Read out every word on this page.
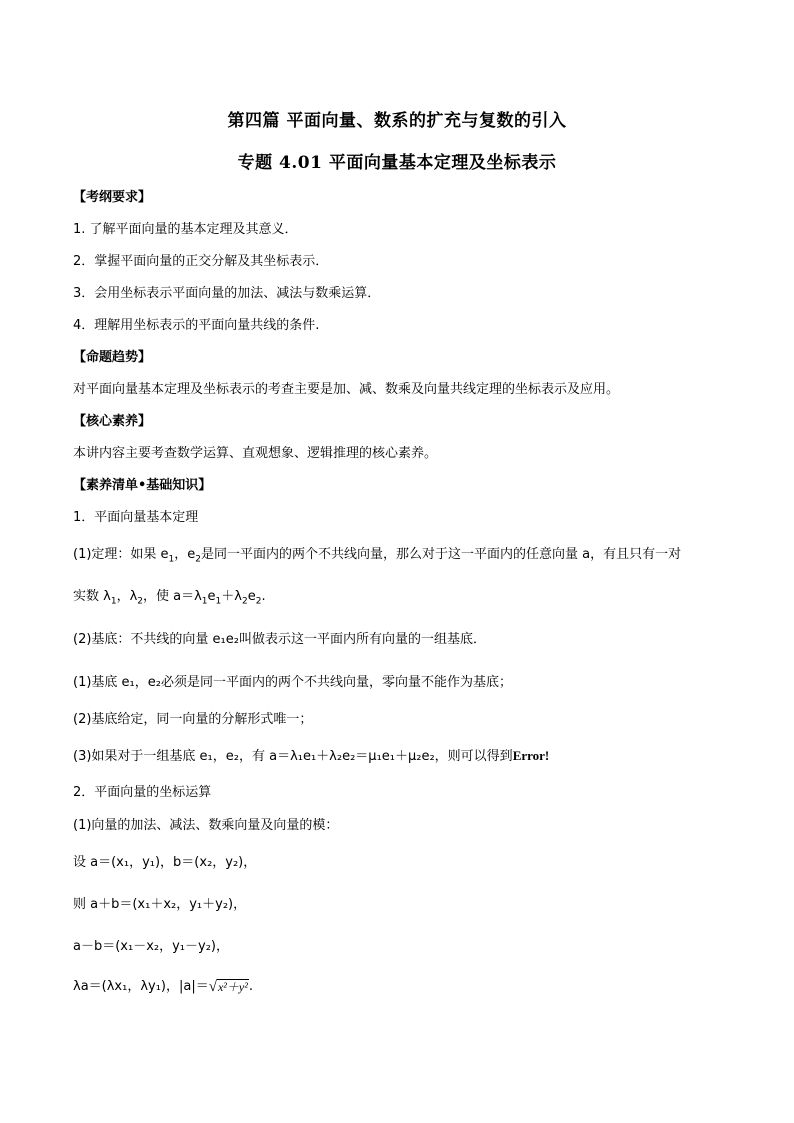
第四篇 平面向量、数系的扩充与复数的引入
专题 4.01 平面向量基本定理及坐标表示
【考纲要求】
1. 了解平面向量的基本定理及其意义．
2．掌握平面向量的正交分解及其坐标表示．
3．会用坐标表示平面向量的加法、减法与数乘运算．
4．理解用坐标表示的平面向量共线的条件.
【命题趋势】
对平面向量基本定理及坐标表示的考查主要是加、减、数乘及向量共线定理的坐标表示及应用。
【核心素养】
本讲内容主要考查数学运算、直观想象、逻辑推理的核心素养。
【素养清单•基础知识】
1．平面向量基本定理
(1)定理：如果 $e_1$，$e_2$是同一平面内的两个不共线向量，那么对于这一平面内的任意向量 a，有且只有一对
实数 $\lambda_1$，$\lambda_2$，使 $a=\lambda_1e_1+\lambda_2e_2$.
(2)基底：不共线的向量 e₁e₂叫做表示这一平面内所有向量的一组基底．
(1)基底 e₁，e₂必须是同一平面内的两个不共线向量，零向量不能作为基底；
(2)基底给定，同一向量的分解形式唯一；
(3)如果对于一组基底 e₁，e₂，有 a＝λ₁e₁＋λ₂e₂＝μ₁e₁＋μ₂e₂，则可以得到Error!
2．平面向量的坐标运算
(1)向量的加法、减法、数乘向量及向量的模：
设 a＝(x₁，y₁)，b＝(x₂，y₂)，
则 a＋b＝(x₁＋x₂，y₁＋y₂)，
a－b＝(x₁－x₂，y₁－y₂)，
λa＝(λx₁，λy₁)，|a|＝√x²＋y².
